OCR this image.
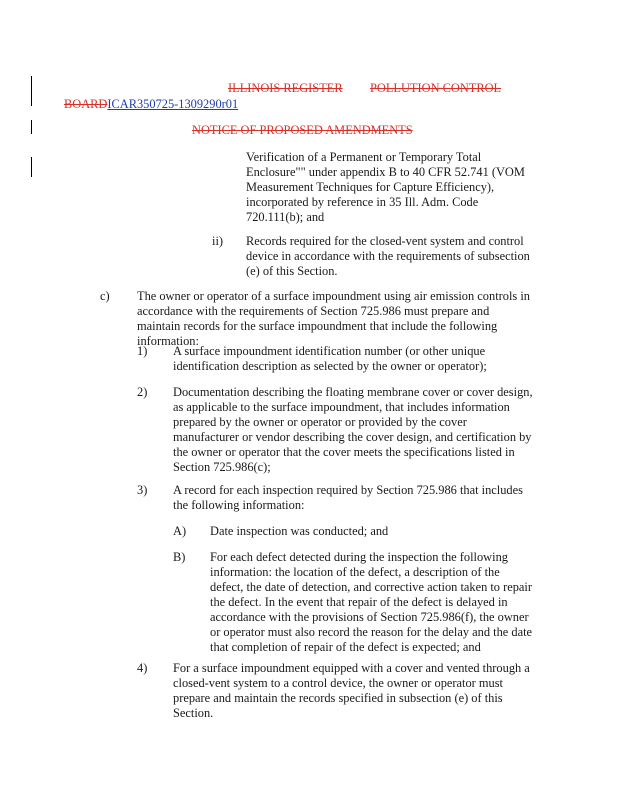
ILLINOIS REGISTER POLLUTION CONTROL
BOARDICAR350725-1309290r01
NOTICE OF PROPOSED AMENDMENTS

Verification of a Permanent or Temporary Total Enclosure"" under appendix B to 40 CFR 52.741 (VOM Measurement Techniques for Capture Efficiency), incorporated by reference in 35 Ill. Adm. Code 720.111(b); and

ii) Records required for the closed-vent system and control device in accordance with the requirements of subsection (e) of this Section.

c) The owner or operator of a surface impoundment using air emission controls in accordance with the requirements of Section 725.986 must prepare and maintain records for the surface impoundment that include the following information:

1) A surface impoundment identification number (or other unique identification description as selected by the owner or operator);

2) Documentation describing the floating membrane cover or cover design, as applicable to the surface impoundment, that includes information prepared by the owner or operator or provided by the cover manufacturer or vendor describing the cover design, and certification by the owner or operator that the cover meets the specifications listed in Section 725.986(c);

3) A record for each inspection required by Section 725.986 that includes the following information:

A) Date inspection was conducted; and

B) For each defect detected during the inspection the following information: the location of the defect, a description of the defect, the date of detection, and corrective action taken to repair the defect. In the event that repair of the defect is delayed in accordance with the provisions of Section 725.986(f), the owner or operator must also record the reason for the delay and the date that completion of repair of the defect is expected; and

4) For a surface impoundment equipped with a cover and vented through a closed-vent system to a control device, the owner or operator must prepare and maintain the records specified in subsection (e) of this Section.
